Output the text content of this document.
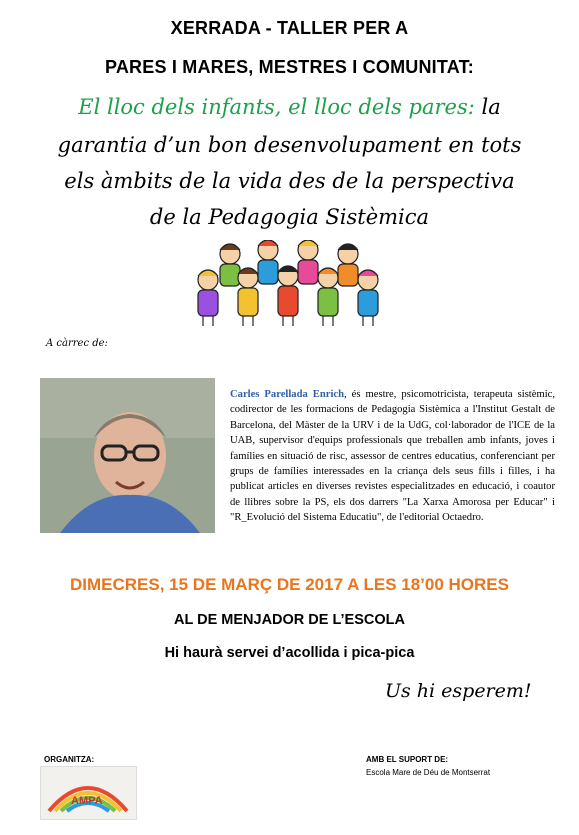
XERRADA - TALLER PER A
PARES I MARES, MESTRES I COMUNITAT:
El lloc dels infants, el lloc dels pares: la
garantia d’un bon desenvolupament en tots
els àmbits de la vida des de la perspectiva
de la Pedagogia Sistèmica
A càrrec de:
Carles Parellada Enrich, és mestre, psicomotricista, terapeuta sistèmic, codirector de les formacions de Pedagogia Sistèmica a l'Institut Gestalt de Barcelona, del Màster de la URV i de la UdG, col·laborador de l'ICE de la UAB, supervisor d'equips professionals que treballen amb infants, joves i famílies en situació de risc, assessor de centres educatius, conferenciant per grups de famílies interessades en la criança dels seus fills i filles, i ha publicat articles en diverses revistes especialitzades en educació, i coautor de llibres sobre la PS, els dos darrers "La Xarxa Amorosa per Educar" i "R_Evolució del Sistema Educatiu", de l'editorial Octaedro.
DIMECRES, 15 DE MARÇ DE 2017 A LES 18’00 HORES
AL DE MENJADOR DE L’ESCOLA
Hi haurà servei d’acollida i pica-pica
Us hi esperem!
ORGANITZA:
AMPA
AMB EL SUPORT DE:
Escola Mare de Déu de Montserrat
